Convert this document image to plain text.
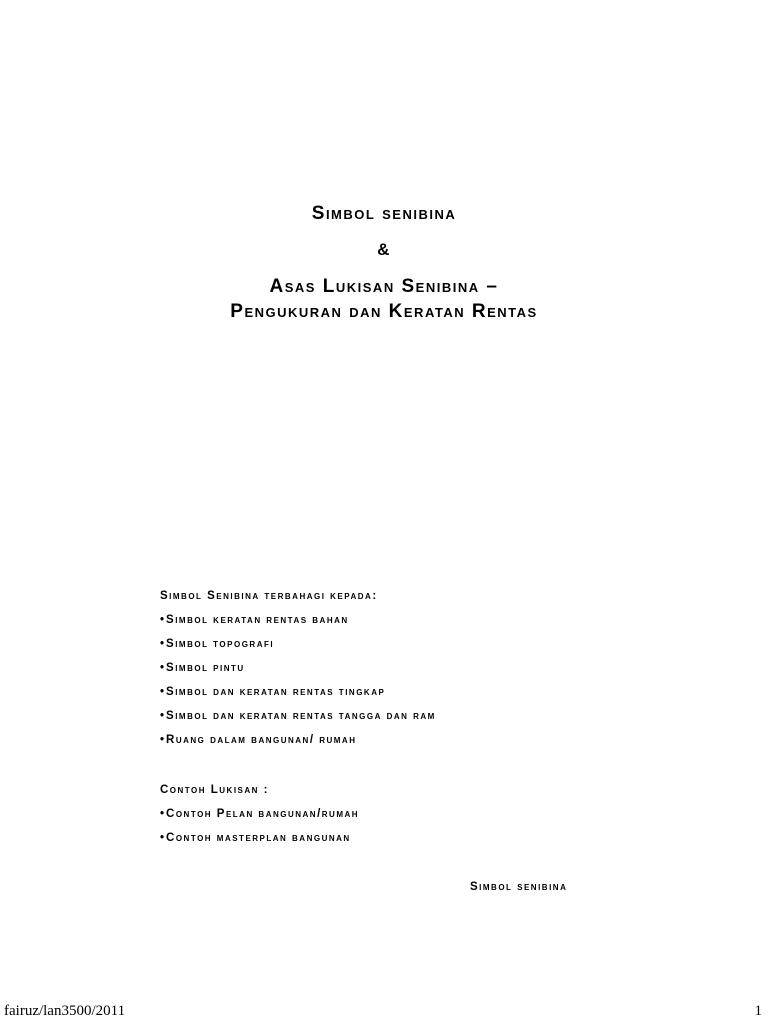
Simbol senibina
&
Asas Lukisan Senibina –
Pengukuran dan Keratan Rentas
Simbol Senibina terbahagi kepada:
• Simbol keratan rentas bahan
• Simbol topografi
• Simbol pintu
• Simbol dan keratan rentas tingkap
• Simbol dan keratan rentas tangga dan ram
• Ruang dalam bangunan/ rumah
Contoh Lukisan :
• Contoh Pelan bangunan/rumah
• Contoh masterplan bangunan
Simbol senibina
fairuz/lan3500/2011	1
